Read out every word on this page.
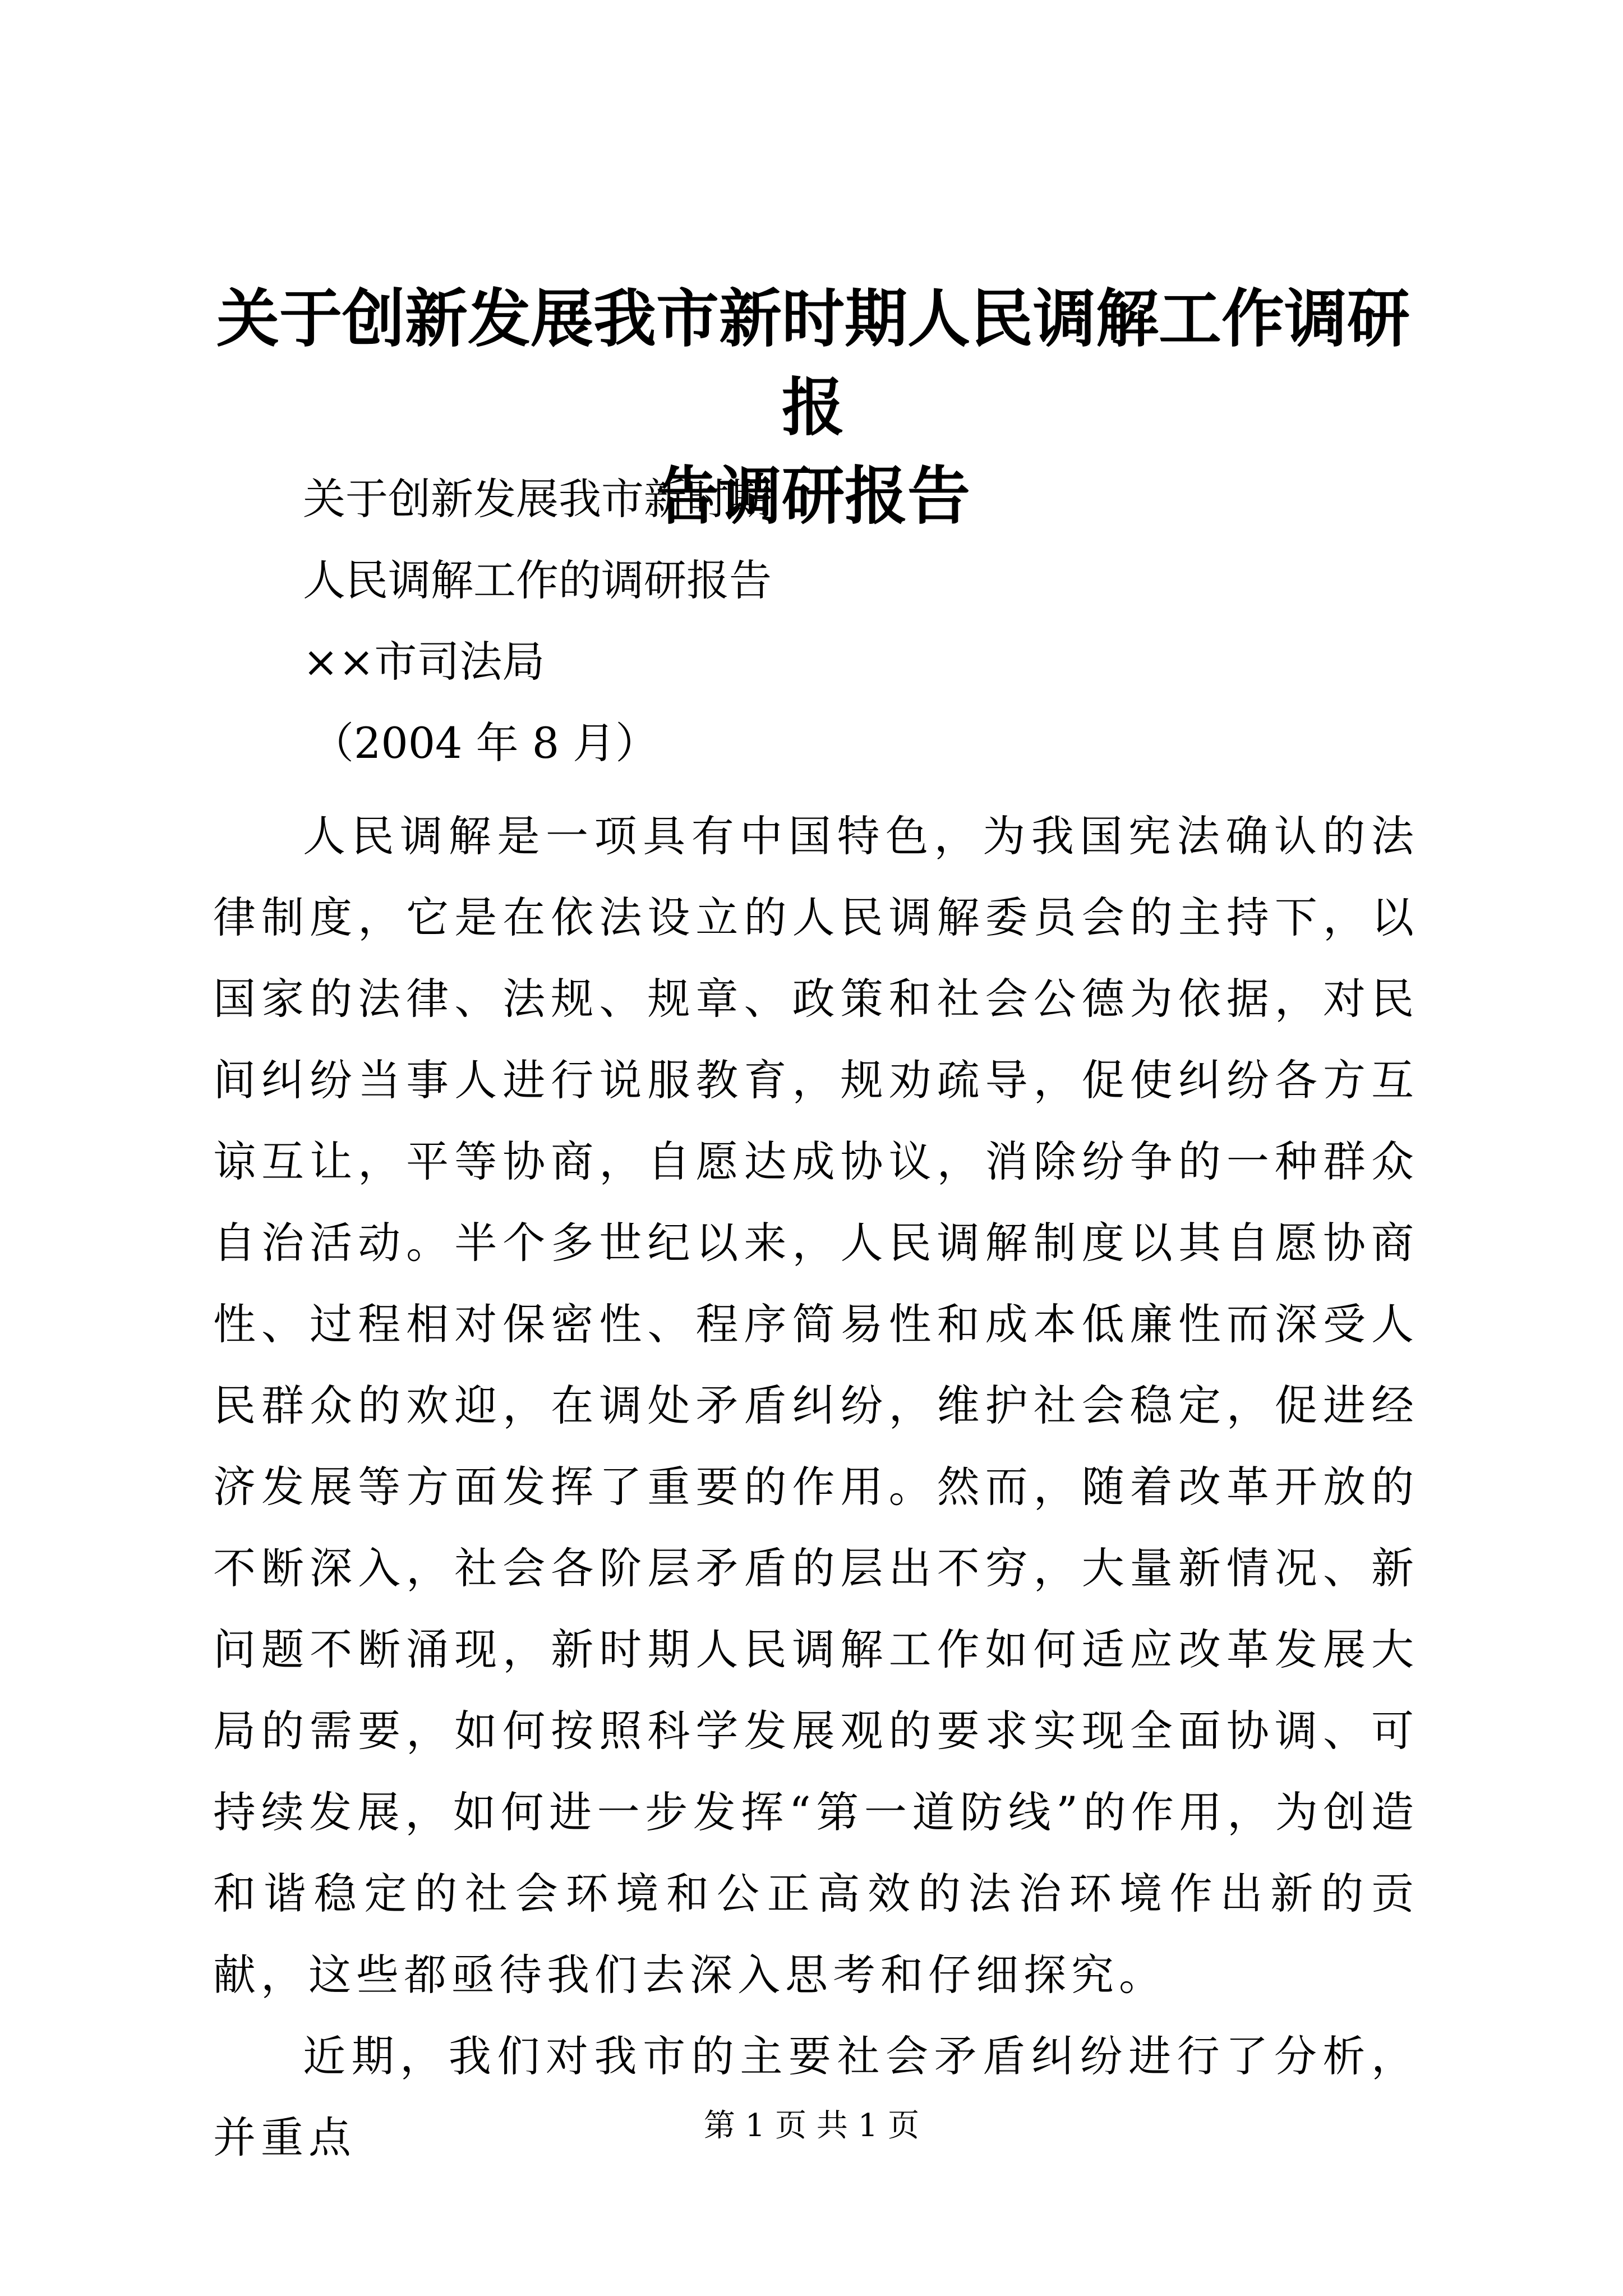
关于创新发展我市新时期人民调解工作调研报
告调研报告
关于创新发展我市新时期
人民调解工作的调研报告
××市司法局
（2004 年 8 月）

人民调解是一项具有中国特色，为我国宪法确认的法律制度，它是在依法设立的人民调解委员会的主持下，以国家的法律、法规、规章、政策和社会公德为依据，对民间纠纷当事人进行说服教育，规劝疏导，促使纠纷各方互谅互让，平等协商，自愿达成协议，消除纷争的一种群众自治活动。半个多世纪以来，人民调解制度以其自愿协商性、过程相对保密性、程序简易性和成本低廉性而深受人民群众的欢迎，在调处矛盾纠纷，维护社会稳定，促进经济发展等方面发挥了重要的作用。然而，随着改革开放的不断深入，社会各阶层矛盾的层出不穷，大量新情况、新问题不断涌现，新时期人民调解工作如何适应改革发展大局的需要，如何按照科学发展观的要求实现全面协调、可持续发展，如何进一步发挥“第一道防线”的作用，为创造和谐稳定的社会环境和公正高效的法治环境作出新的贡献，这些都亟待我们去深入思考和仔细探究。

近期，我们对我市的主要社会矛盾纠纷进行了分析，并重点	第 1 页 共 1 页
